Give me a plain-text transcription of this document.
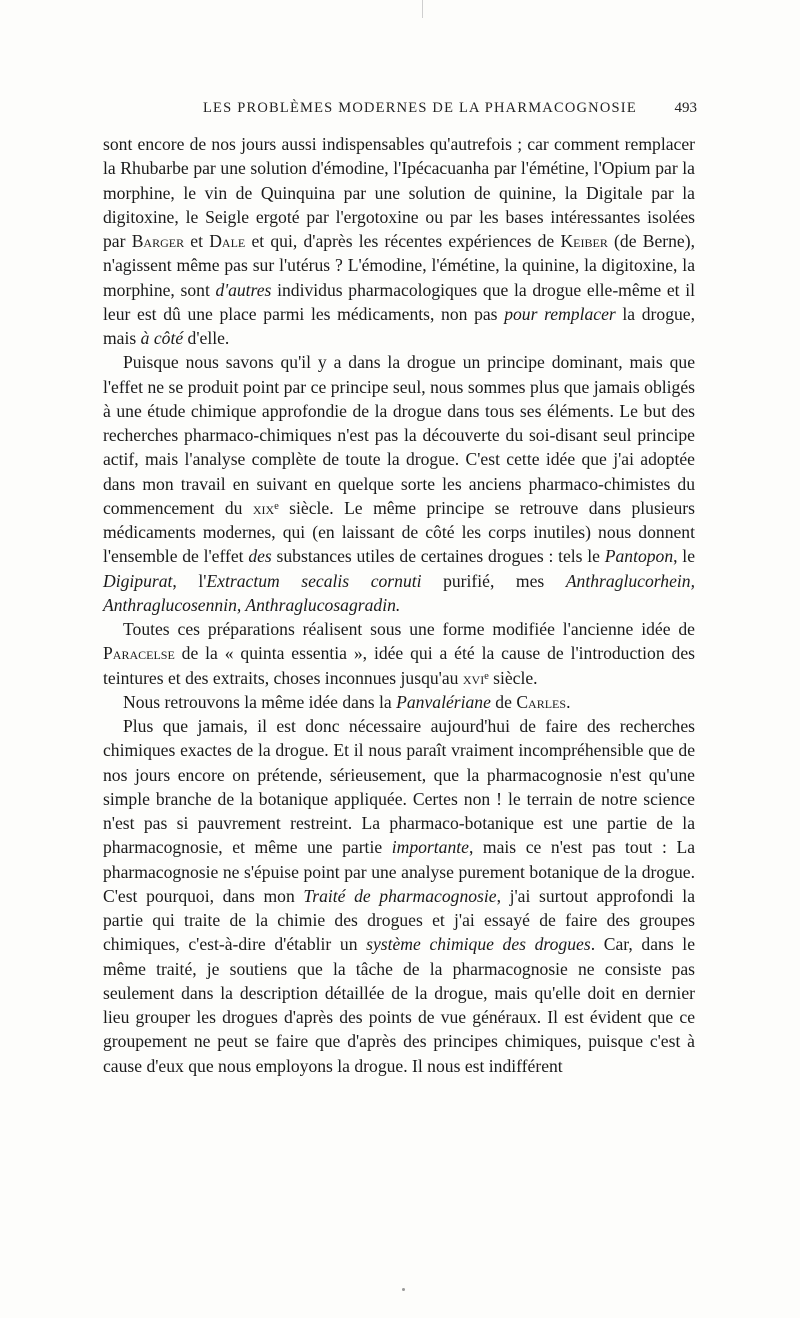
LES PROBLÈMES MODERNES DE LA PHARMACOGNOSIE	493

sont encore de nos jours aussi indispensables qu'autrefois ; car comment remplacer la Rhubarbe par une solution d'émodine, l'Ipécacuanha par l'émétine, l'Opium par la morphine, le vin de Quinquina par une solution de quinine, la Digitale par la digitoxine, le Seigle ergoté par l'ergotoxine ou par les bases intéressantes isolées par Barger et Dale et qui, d'après les récentes expériences de Keiber (de Berne), n'agissent même pas sur l'utérus ? L'émodine, l'émétine, la quinine, la digitoxine, la morphine, sont d'autres individus pharmacologiques que la drogue elle-même et il leur est dû une place parmi les médicaments, non pas pour remplacer la drogue, mais à côté d'elle.

Puisque nous savons qu'il y a dans la drogue un principe dominant, mais que l'effet ne se produit point par ce principe seul, nous sommes plus que jamais obligés à une étude chimique approfondie de la drogue dans tous ses éléments. Le but des recherches pharmaco-chimiques n'est pas la découverte du soi-disant seul principe actif, mais l'analyse complète de toute la drogue. C'est cette idée que j'ai adoptée dans mon travail en suivant en quelque sorte les anciens pharmaco-chimistes du commencement du xixᵉ siècle. Le même principe se retrouve dans plusieurs médicaments modernes, qui (en laissant de côté les corps inutiles) nous donnent l'ensemble de l'effet des substances utiles de certaines drogues : tels le Pantopon, le Digipurat, l'Extractum secalis cornuti purifié, mes Anthraglucorhein, Anthraglucosennin, Anthraglucosagradin.

Toutes ces préparations réalisent sous une forme modifiée l'ancienne idée de Paracelse de la « quinta essentia », idée qui a été la cause de l'introduction des teintures et des extraits, choses inconnues jusqu'au xviᵉ siècle.

Nous retrouvons la même idée dans la Panvalériane de Carles.

Plus que jamais, il est donc nécessaire aujourd'hui de faire des recherches chimiques exactes de la drogue. Et il nous paraît vraiment incompréhensible que de nos jours encore on prétende, sérieusement, que la pharmacognosie n'est qu'une simple branche de la botanique appliquée. Certes non ! le terrain de notre science n'est pas si pauvrement restreint. La pharmaco-botanique est une partie de la pharmacognosie, et même une partie importante, mais ce n'est pas tout : La pharmacognosie ne s'épuise point par une analyse purement botanique de la drogue. C'est pourquoi, dans mon Traité de pharmacognosie, j'ai surtout approfondi la partie qui traite de la chimie des drogues et j'ai essayé de faire des groupes chimiques, c'est-à-dire d'établir un système chimique des drogues. Car, dans le même traité, je soutiens que la tâche de la pharmacognosie ne consiste pas seulement dans la description détaillée de la drogue, mais qu'elle doit en dernier lieu grouper les drogues d'après des points de vue généraux. Il est évident que ce groupement ne peut se faire que d'après des principes chimiques, puisque c'est à cause d'eux que nous employons la drogue. Il nous est indifférent
